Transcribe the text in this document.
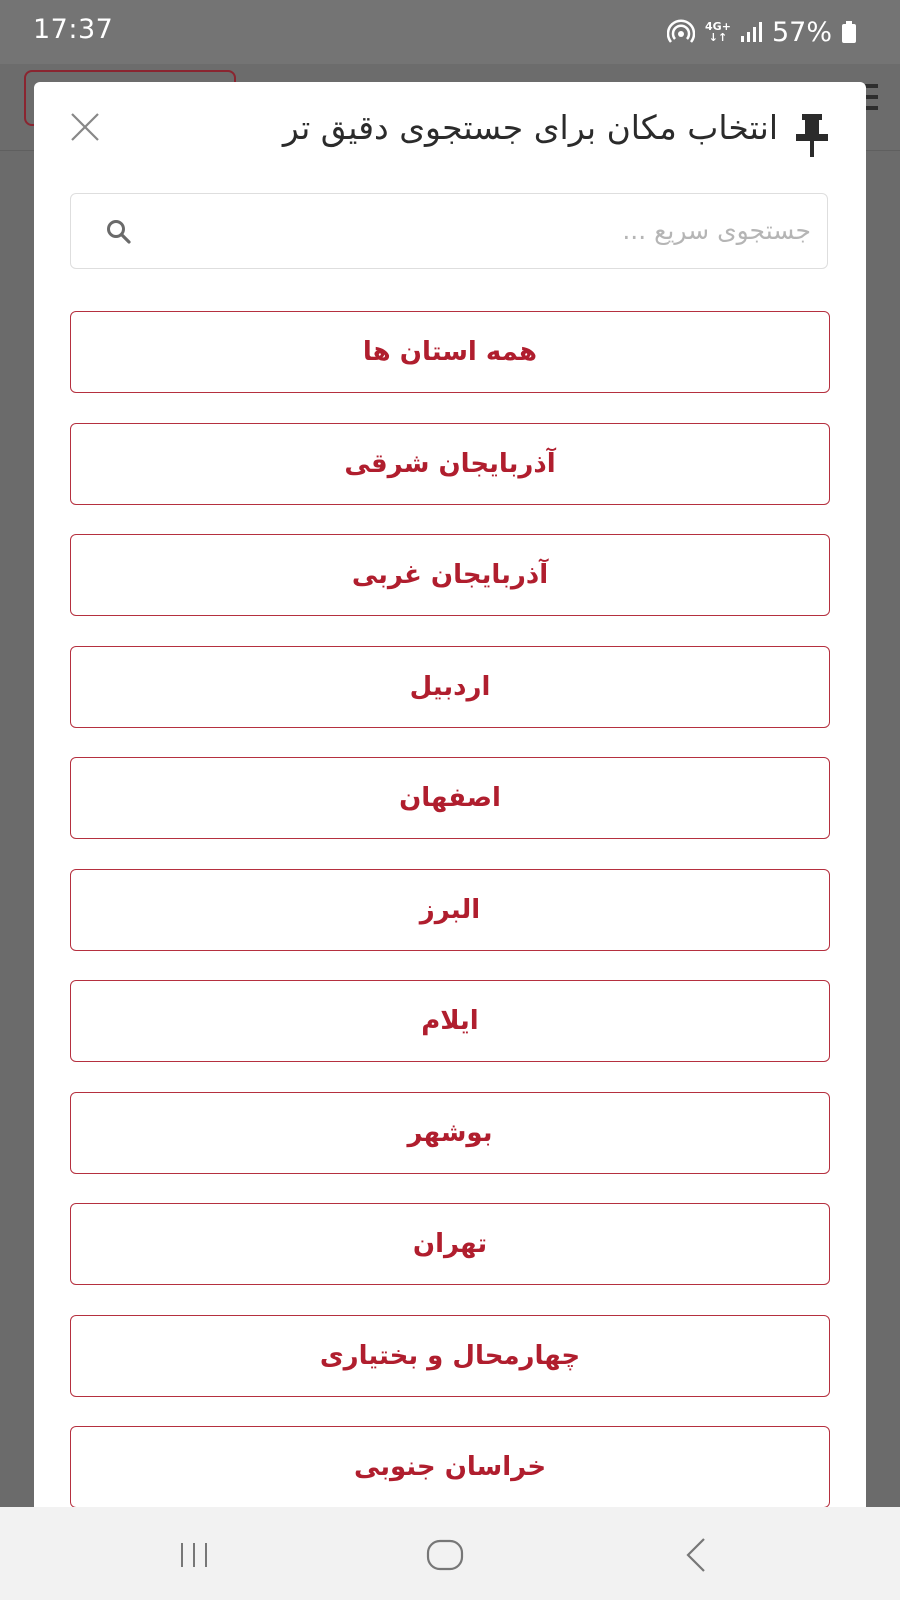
17:37	4G+
↓↑ 57%
انتخاب مکان برای جستجوی دقیق تر
جستجوی سریع ...
همه استان ها
آذربایجان شرقی
آذربایجان غربی
اردبیل
اصفهان
البرز
ایلام
بوشهر
تهران
چهارمحال و بختیاری
خراسان جنوبی
